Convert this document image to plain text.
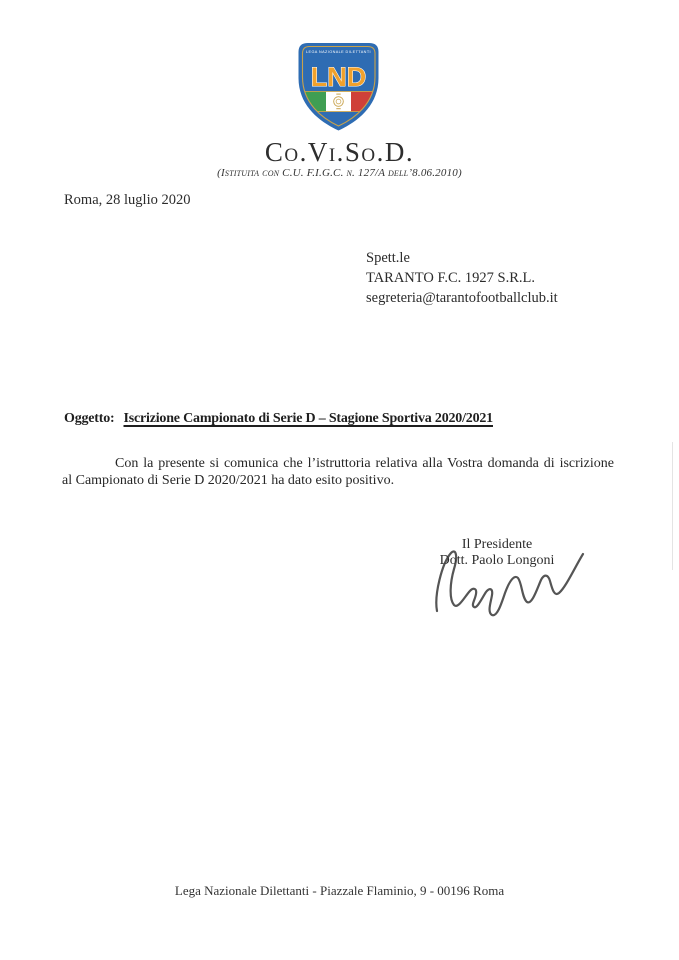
LEGA NAZIONALE DILETTANTI
LND
Co.Vi.So.D.
(Istituita con C.U. F.I.G.C. n. 127/A dell’8.06.2010)
Roma, 28 luglio 2020
Spett.le
TARANTO F.C. 1927 S.R.L.
segreteria@tarantofootballclub.it
Oggetto: Iscrizione Campionato di Serie D – Stagione Sportiva 2020/2021
Con la presente si comunica che l’istruttoria relativa alla Vostra domanda di iscrizione
al Campionato di Serie D 2020/2021 ha dato esito positivo.
Il Presidente
Dott. Paolo Longoni
Lega Nazionale Dilettanti - Piazzale Flaminio, 9 - 00196 Roma
